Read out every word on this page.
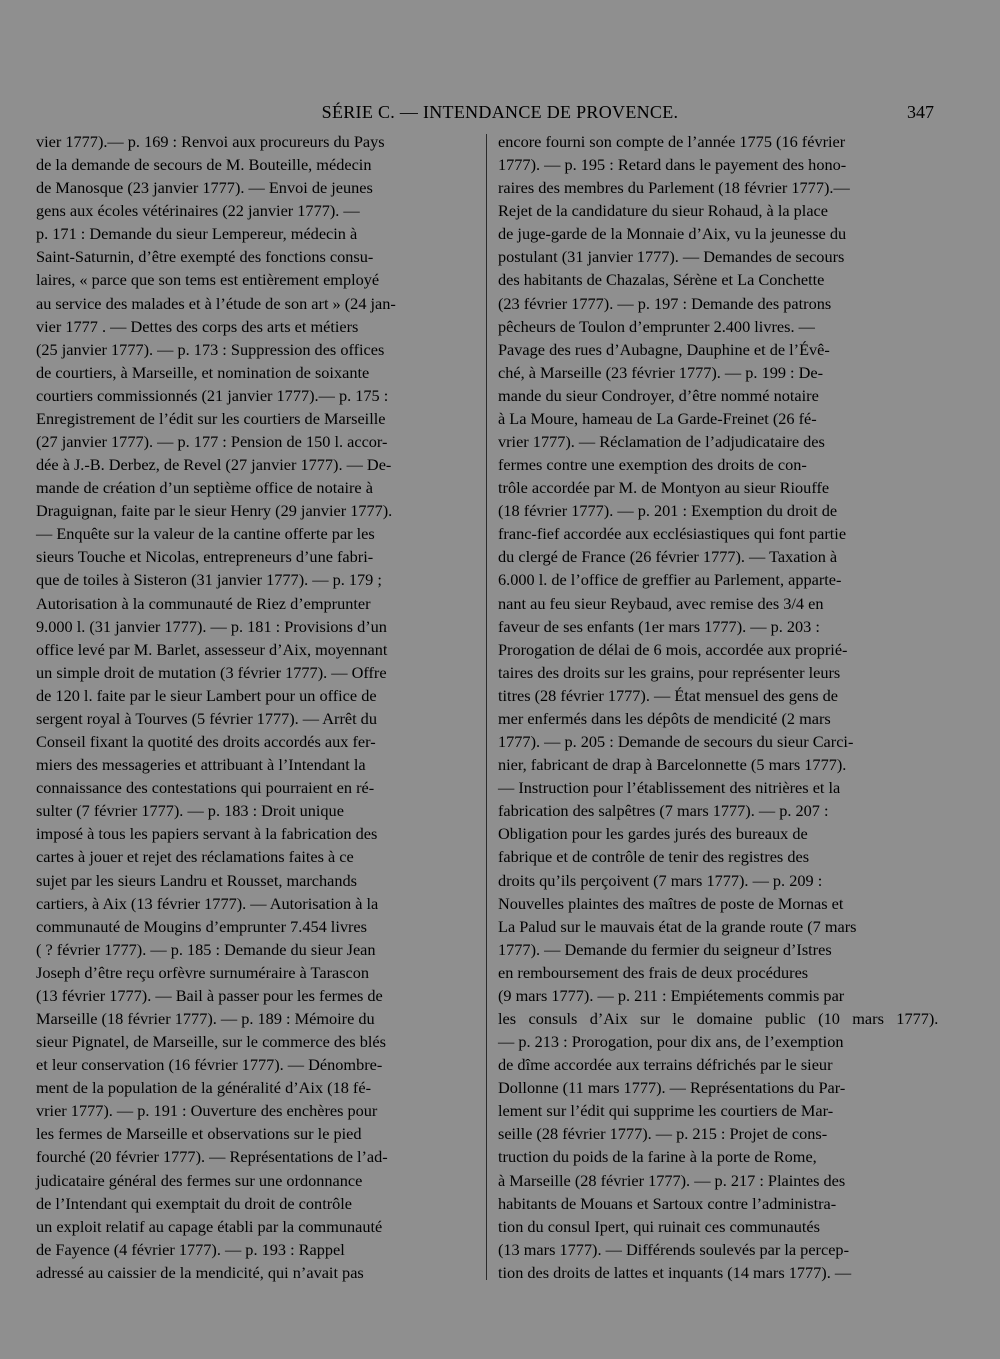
SÉRIE C. — INTENDANCE DE PROVENCE.	347
vier 1777).— p. 169 : Renvoi aux procureurs du Pays
de la demande de secours de M. Bouteille, médecin
de Manosque (23 janvier 1777). — Envoi de jeunes
gens aux écoles vétérinaires (22 janvier 1777). —
p. 171 : Demande du sieur Lempereur, médecin à
Saint-Saturnin, d’être exempté des fonctions consu-
laires, « parce que son tems est entièrement employé
au service des malades et à l’étude de son art » (24 jan-
vier 1777 . — Dettes des corps des arts et métiers
(25 janvier 1777). — p. 173 : Suppression des offices
de courtiers, à Marseille, et nomination de soixante
courtiers commissionnés (21 janvier 1777).— p. 175 :
Enregistrement de l’édit sur les courtiers de Marseille
(27 janvier 1777). — p. 177 : Pension de 150 l. accor-
dée à J.-B. Derbez, de Revel (27 janvier 1777). — De-
mande de création d’un septième office de notaire à
Draguignan, faite par le sieur Henry (29 janvier 1777).
— Enquête sur la valeur de la cantine offerte par les
sieurs Touche et Nicolas, entrepreneurs d’une fabri-
que de toiles à Sisteron (31 janvier 1777). — p. 179 ;
Autorisation à la communauté de Riez d’emprunter
9.000 l. (31 janvier 1777). — p. 181 : Provisions d’un
office levé par M. Barlet, assesseur d’Aix, moyennant
un simple droit de mutation (3 février 1777). — Offre
de 120 l. faite par le sieur Lambert pour un office de
sergent royal à Tourves (5 février 1777). — Arrêt du
Conseil fixant la quotité des droits accordés aux fer-
miers des messageries et attribuant à l’Intendant la
connaissance des contestations qui pourraient en ré-
sulter (7 février 1777). — p. 183 : Droit unique
imposé à tous les papiers servant à la fabrication des
cartes à jouer et rejet des réclamations faites à ce
sujet par les sieurs Landru et Rousset, marchands
cartiers, à Aix (13 février 1777). — Autorisation à la
communauté de Mougins d’emprunter 7.454 livres
( ? février 1777). — p. 185 : Demande du sieur Jean
Joseph d’être reçu orfèvre surnuméraire à Tarascon
(13 février 1777). — Bail à passer pour les fermes de
Marseille (18 février 1777). — p. 189 : Mémoire du
sieur Pignatel, de Marseille, sur le commerce des blés
et leur conservation (16 février 1777). — Dénombre-
ment de la population de la généralité d’Aix (18 fé-
vrier 1777). — p. 191 : Ouverture des enchères pour
les fermes de Marseille et observations sur le pied
fourché (20 février 1777). — Représentations de l’ad-
judicataire général des fermes sur une ordonnance
de l’Intendant qui exemptait du droit de contrôle
un exploit relatif au capage établi par la communauté
de Fayence (4 février 1777). — p. 193 : Rappel
adressé au caissier de la mendicité, qui n’avait pas
encore fourni son compte de l’année 1775 (16 février
1777). — p. 195 : Retard dans le payement des hono-
raires des membres du Parlement (18 février 1777).—
Rejet de la candidature du sieur Rohaud, à la place
de juge-garde de la Monnaie d’Aix, vu la jeunesse du
postulant (31 janvier 1777). — Demandes de secours
des habitants de Chazalas, Sérène et La Conchette
(23 février 1777). — p. 197 : Demande des patrons
pêcheurs de Toulon d’emprunter 2.400 livres. —
Pavage des rues d’Aubagne, Dauphine et de l’Évê-
ché, à Marseille (23 février 1777). — p. 199 : De-
mande du sieur Condroyer, d’être nommé notaire
à La Moure, hameau de La Garde-Freinet (26 fé-
vrier 1777). — Réclamation de l’adjudicataire des
fermes contre une exemption des droits de con-
trôle accordée par M. de Montyon au sieur Riouffe
(18 février 1777). — p. 201 : Exemption du droit de
franc-fief accordée aux ecclésiastiques qui font partie
du clergé de France (26 février 1777). — Taxation à
6.000 l. de l’office de greffier au Parlement, apparte-
nant au feu sieur Reybaud, avec remise des 3/4 en
faveur de ses enfants (1er mars 1777). — p. 203 :
Prorogation de délai de 6 mois, accordée aux proprié-
taires des droits sur les grains, pour représenter leurs
titres (28 février 1777). — État mensuel des gens de
mer enfermés dans les dépôts de mendicité (2 mars
1777). — p. 205 : Demande de secours du sieur Carci-
nier, fabricant de drap à Barcelonnette (5 mars 1777).
— Instruction pour l’établissement des nitrières et la
fabrication des salpêtres (7 mars 1777). — p. 207 :
Obligation pour les gardes jurés des bureaux de
fabrique et de contrôle de tenir des registres des
droits qu’ils perçoivent (7 mars 1777). — p. 209 :
Nouvelles plaintes des maîtres de poste de Mornas et
La Palud sur le mauvais état de la grande route (7 mars
1777). — Demande du fermier du seigneur d’Istres
en remboursement des frais de deux procédures
(9 mars 1777). — p. 211 : Empiétements commis par
les consuls d’Aix sur le domaine public (10 mars 1777).
— p. 213 : Prorogation, pour dix ans, de l’exemption
de dîme accordée aux terrains défrichés par le sieur
Dollonne (11 mars 1777). — Représentations du Par-
lement sur l’édit qui supprime les courtiers de Mar-
seille (28 février 1777). — p. 215 : Projet de cons-
truction du poids de la farine à la porte de Rome,
à Marseille (28 février 1777). — p. 217 : Plaintes des
habitants de Mouans et Sartoux contre l’administra-
tion du consul Ipert, qui ruinait ces communautés
(13 mars 1777). — Différends soulevés par la percep-
tion des droits de lattes et inquants (14 mars 1777). —
